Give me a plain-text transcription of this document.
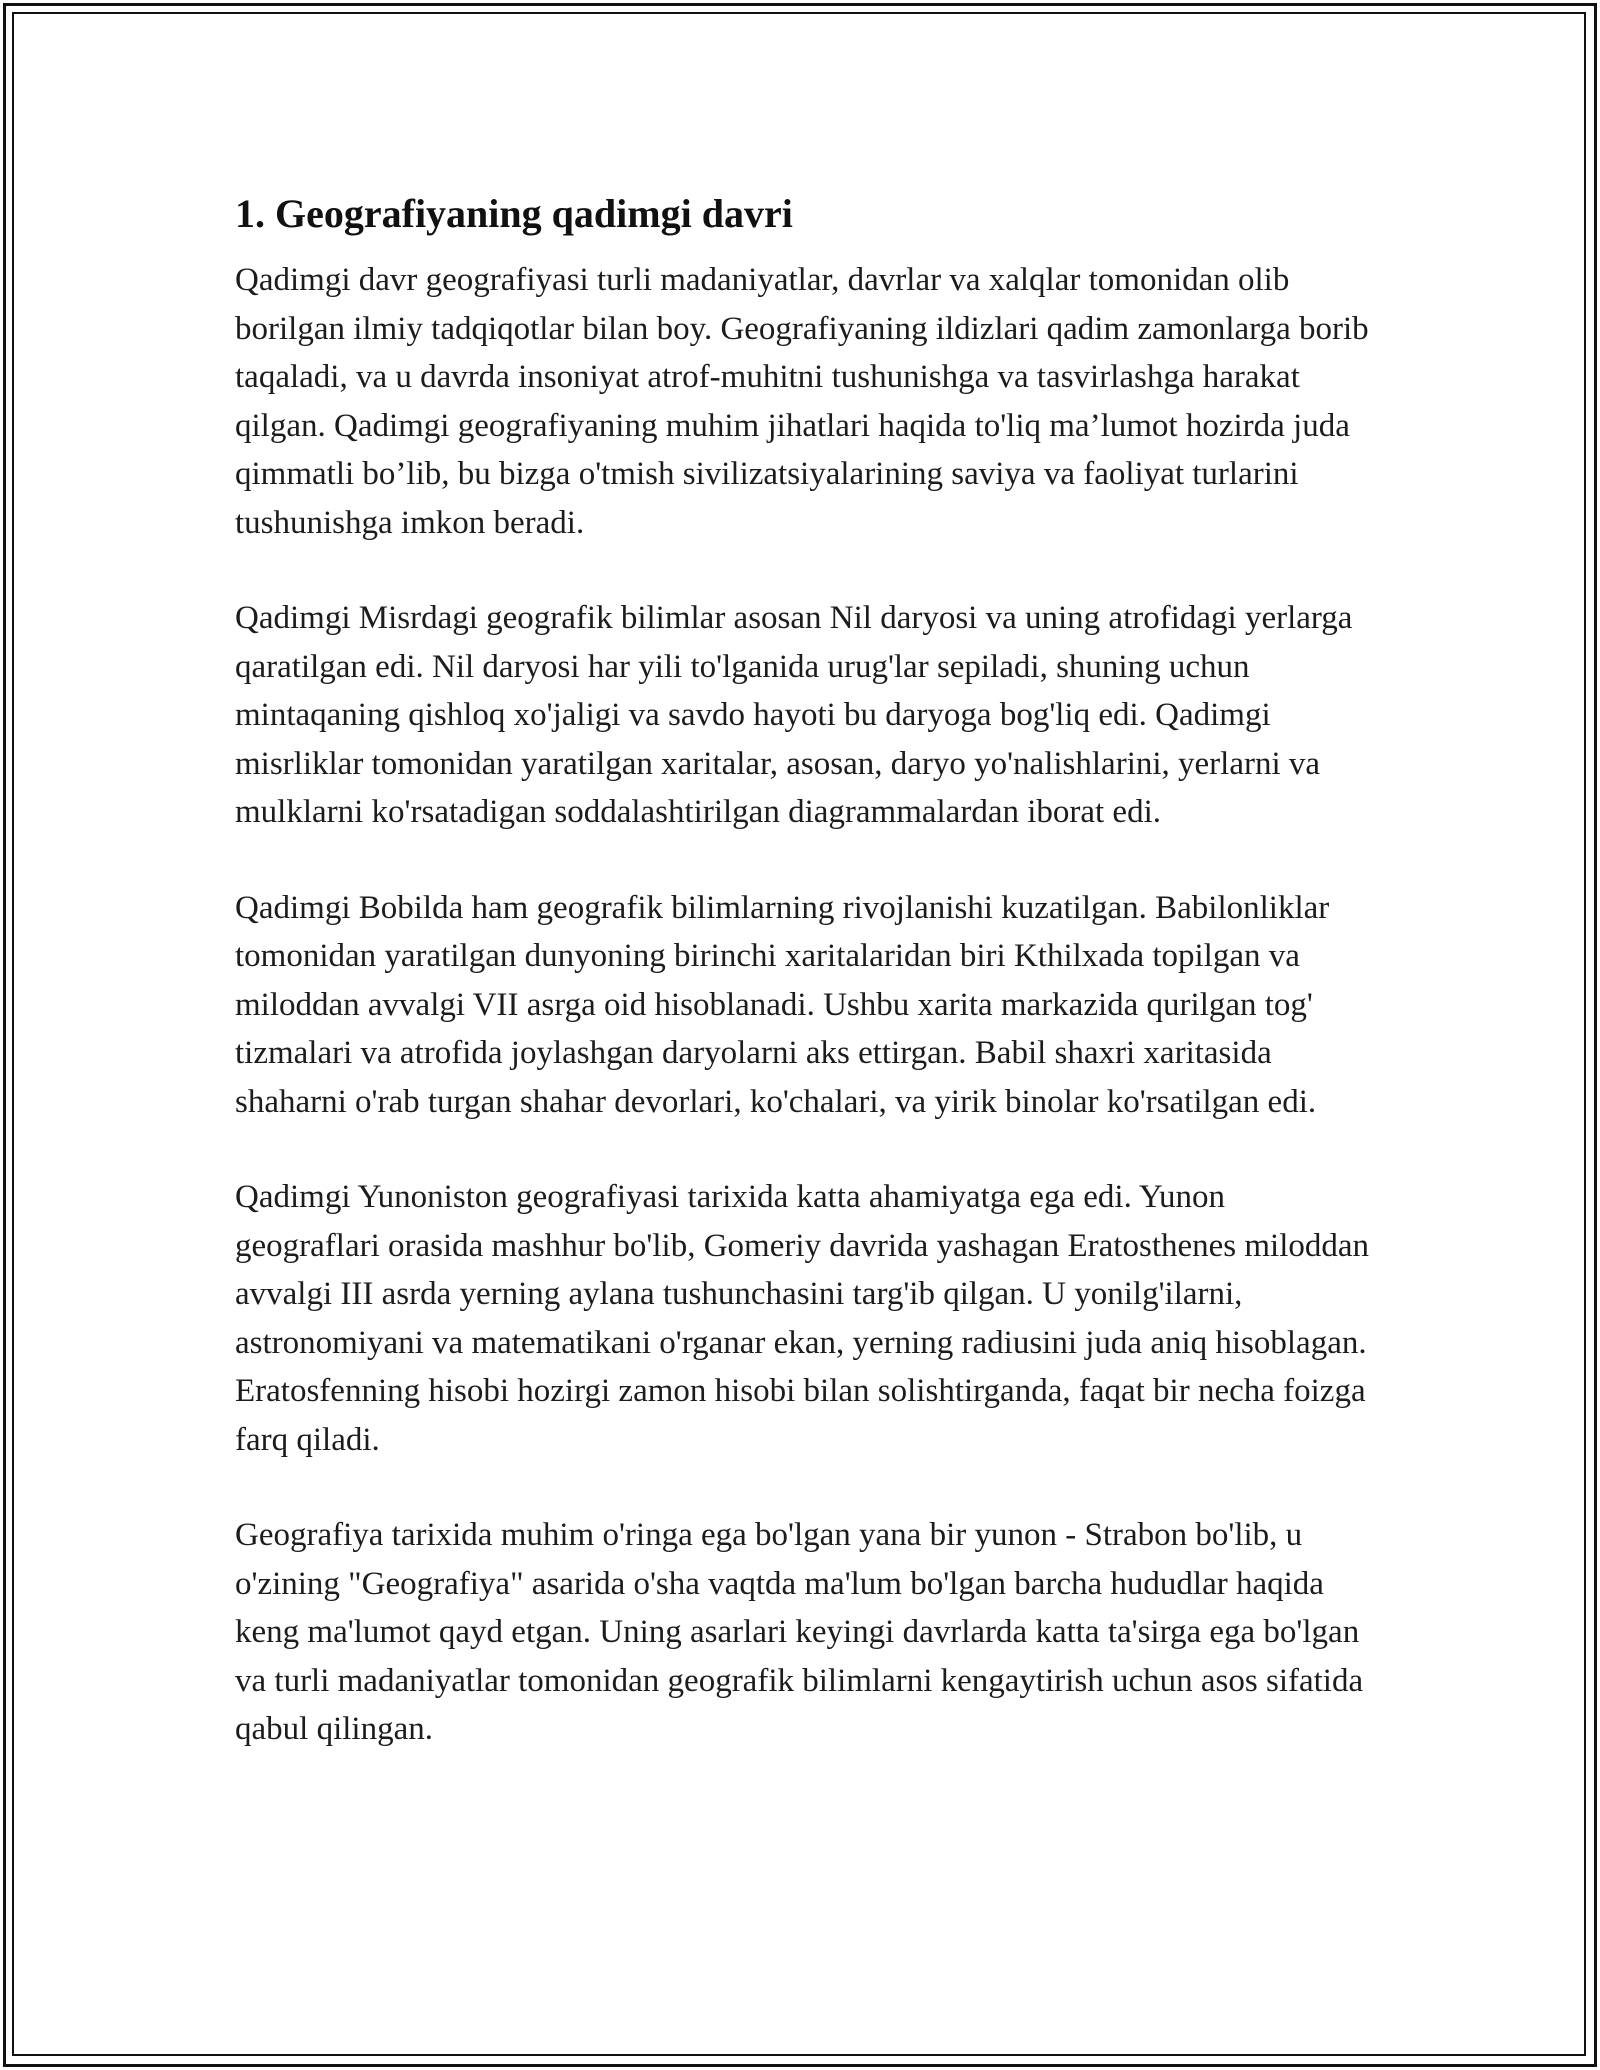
1. Geografiyaning qadimgi davri

Qadimgi davr geografiyasi turli madaniyatlar, davrlar va xalqlar tomonidan olib borilgan ilmiy tadqiqotlar bilan boy. Geografiyaning ildizlari qadim zamonlarga borib taqaladi, va u davrda insoniyat atrof-muhitni tushunishga va tasvirlashga harakat qilgan. Qadimgi geografiyaning muhim jihatlari haqida to'liq ma’lumot hozirda juda qimmatli bo’lib, bu bizga o'tmish sivilizatsiyalarining saviya va faoliyat turlarini tushunishga imkon beradi.

Qadimgi Misrdagi geografik bilimlar asosan Nil daryosi va uning atrofidagi yerlarga qaratilgan edi. Nil daryosi har yili to'lganida urug'lar sepiladi, shuning uchun mintaqaning qishloq xo'jaligi va savdo hayoti bu daryoga bog'liq edi. Qadimgi misrliklar tomonidan yaratilgan xaritalar, asosan, daryo yo'nalishlarini, yerlarni va mulklarni ko'rsatadigan soddalashtirilgan diagrammalardan iborat edi.

Qadimgi Bobilda ham geografik bilimlarning rivojlanishi kuzatilgan. Babilonliklar tomonidan yaratilgan dunyoning birinchi xaritalaridan biri Kthilxada topilgan va miloddan avvalgi VII asrga oid hisoblanadi. Ushbu xarita markazida qurilgan tog' tizmalari va atrofida joylashgan daryolarni aks ettirgan. Babil shaxri xaritasida shaharni o'rab turgan shahar devorlari, ko'chalari, va yirik binolar ko'rsatilgan edi.

Qadimgi Yunoniston geografiyasi tarixida katta ahamiyatga ega edi. Yunon geograflari orasida mashhur bo'lib, Gomeriy davrida yashagan Eratosthenes miloddan avvalgi III asrda yerning aylana tushunchasini targ'ib qilgan. U yonilg'ilarni, astronomiyani va matematikani o'rganar ekan, yerning radiusini juda aniq hisoblagan. Eratosfenning hisobi hozirgi zamon hisobi bilan solishtirganda, faqat bir necha foizga farq qiladi.

Geografiya tarixida muhim o'ringa ega bo'lgan yana bir yunon - Strabon bo'lib, u o'zining "Geografiya" asarida o'sha vaqtda ma'lum bo'lgan barcha hududlar haqida keng ma'lumot qayd etgan. Uning asarlari keyingi davrlarda katta ta'sirga ega bo'lgan va turli madaniyatlar tomonidan geografik bilimlarni kengaytirish uchun asos sifatida qabul qilingan.
